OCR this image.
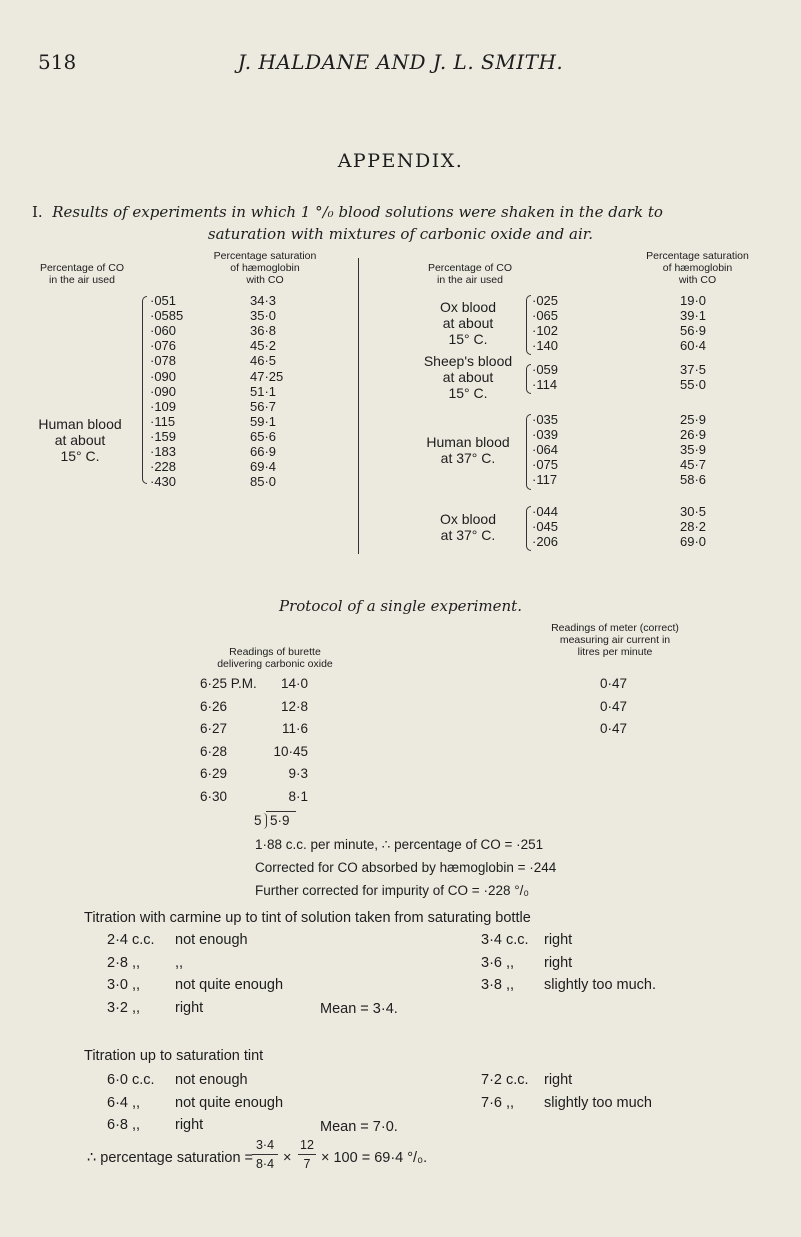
518	J. HALDANE AND J. L. SMITH.
APPENDIX.
I. Results of experiments in which 1 °/₀ blood solutions were shaken in the dark to
saturation with mixtures of carbonic oxide and air.
Percentage of CO
in the air used
Percentage saturation
of hæmoglobin
with CO
Human blood
at about
15° C.
·051	34·3
·0585	35·0
·060	36·8
·076	45·2
·078	46·5
·090	47·25
·090	51·1
·109	56·7
·115	59·1
·159	65·6
·183	66·9
·228	69·4
·430	85·0
Percentage of CO
in the air used
Percentage saturation
of hæmoglobin
with CO
Ox blood
at about
15° C.
·025	19·0
·065	39·1
·102	56·9
·140	60·4
Sheep's blood
at about
15° C.
·059	37·5
·114	55·0
Human blood
at 37° C.
·035	25·9
·039	26·9
·064	35·9
·075	45·7
·117	58·6
Ox blood
at 37° C.
·044	30·5
·045	28·2
·206	69·0
Protocol of a single experiment.
Readings of burette
delivering carbonic oxide
Readings of meter (correct)
measuring air current in
litres per minute
6·25 P.M.	14·0	0·47
6·26	12·8	0·47
6·27	11·6	0·47
6·28	10·45
6·29	9·3
6·30	8·1
5 5·9
1·88 c.c. per minute, ∴ percentage of CO = ·251
Corrected for CO absorbed by hæmoglobin = ·244
Further corrected for impurity of CO = ·228 °/₀
Titration with carmine up to tint of solution taken from saturating bottle
2·4 c.c. not enough
2·8 ,, ,,
3·0 ,, not quite enough
3·2 ,, right
3·4 c.c. right
3·6 ,, right
3·8 ,, slightly too much.
Mean = 3·4.
Titration up to saturation tint
6·0 c.c. not enough
6·4 ,, not quite enough
6·8 ,, right
7·2 c.c. right
7·6 ,, slightly too much
Mean = 7·0.
∴ percentage saturation =
3·4
8·4 ×
12
7 × 100 = 69·4 °/₀.
